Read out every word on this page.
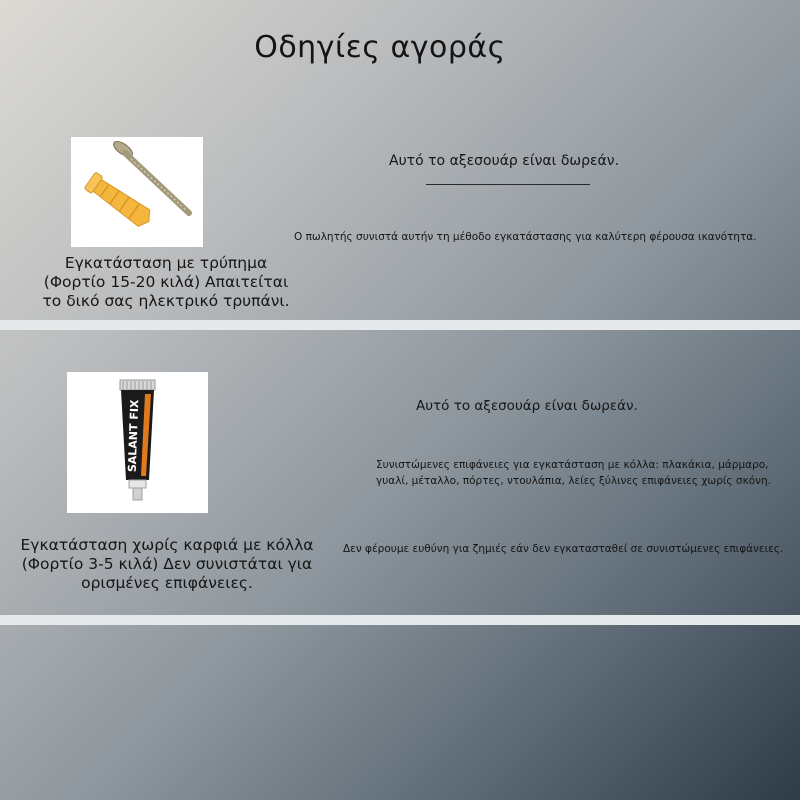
Οδηγίες αγοράς
Εγκατάσταση με τρύπημα
(Φορτίο 15-20 κιλά) Απαιτείται
το δικό σας ηλεκτρικό τρυπάνι.
Αυτό το αξεσουάρ είναι δωρεάν.
Ο πωλητής συνιστά αυτήν τη μέθοδο εγκατάστασης για καλύτερη φέρουσα ικανότητα.
SALANT FIX
Εγκατάσταση χωρίς καρφιά με κόλλα
(Φορτίο 3-5 κιλά) Δεν συνιστάται για
ορισμένες επιφάνειες.
Αυτό το αξεσουάρ είναι δωρεάν.
Συνιστώμενες επιφάνειες για εγκατάσταση με κόλλα: πλακάκια, μάρμαρο,
γυαλί, μέταλλο, πόρτες, ντουλάπια, λείες ξύλινες επιφάνειες χωρίς σκόνη.
Δεν φέρουμε ευθύνη για ζημιές εάν δεν εγκατασταθεί σε συνιστώμενες επιφάνειες.
